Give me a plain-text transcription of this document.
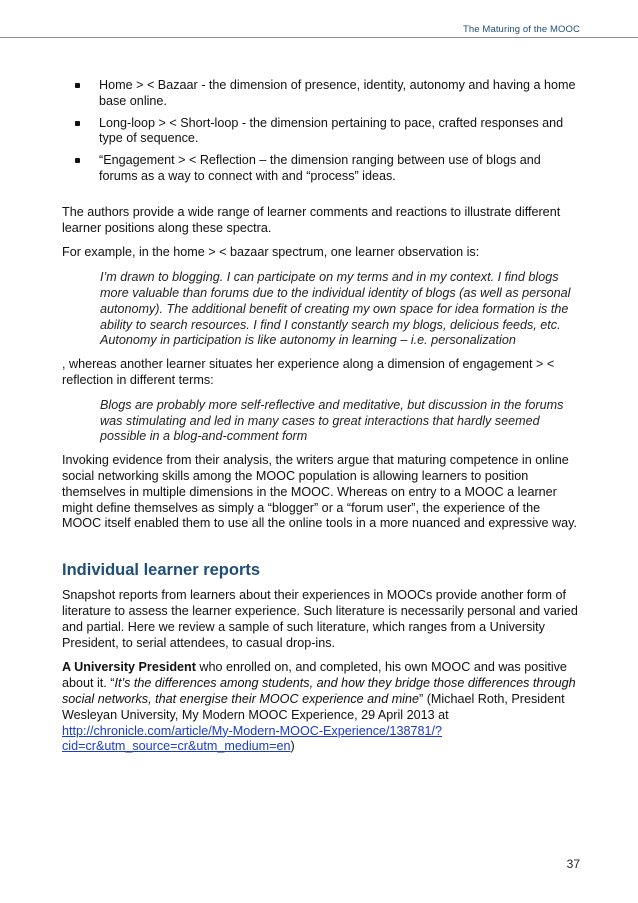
The Maturing of the MOOC
Home > < Bazaar - the dimension of presence, identity, autonomy and having a home base online.
Long-loop > < Short-loop - the dimension pertaining to pace, crafted responses and type of sequence.
“Engagement > < Reflection – the dimension ranging between use of blogs and forums as a way to connect with and “process” ideas.

The authors provide a wide range of learner comments and reactions to illustrate different learner positions along these spectra.

For example, in the home > < bazaar spectrum, one learner observation is:

I’m drawn to blogging. I can participate on my terms and in my context. I find blogs more valuable than forums due to the individual identity of blogs (as well as personal autonomy). The additional benefit of creating my own space for idea formation is the ability to search resources. I find I constantly search my blogs, delicious feeds, etc. Autonomy in participation is like autonomy in learning – i.e. personalization

, whereas another learner situates her experience along a dimension of engagement > < reflection in different terms:

Blogs are probably more self-reflective and meditative, but discussion in the forums was stimulating and led in many cases to great interactions that hardly seemed possible in a blog-and-comment form

Invoking evidence from their analysis, the writers argue that maturing competence in online social networking skills among the MOOC population is allowing learners to position themselves in multiple dimensions in the MOOC. Whereas on entry to a MOOC a learner might define themselves as simply a “blogger” or a “forum user”, the experience of the MOOC itself enabled them to use all the online tools in a more nuanced and expressive way.

Individual learner reports

Snapshot reports from learners about their experiences in MOOCs provide another form of literature to assess the learner experience. Such literature is necessarily personal and varied and partial. Here we review a sample of such literature, which ranges from a University President, to serial attendees, to casual drop-ins.

A University President who enrolled on, and completed, his own MOOC and was positive about it. “It’s the differences among students, and how they bridge those differences through social networks, that energise their MOOC experience and mine” (Michael Roth, President Wesleyan University, My Modern MOOC Experience, 29 April 2013 at http://chronicle.com/article/My-Modern-MOOC-Experience/138781/?cid=cr&utm_source=cr&utm_medium=en)

37
